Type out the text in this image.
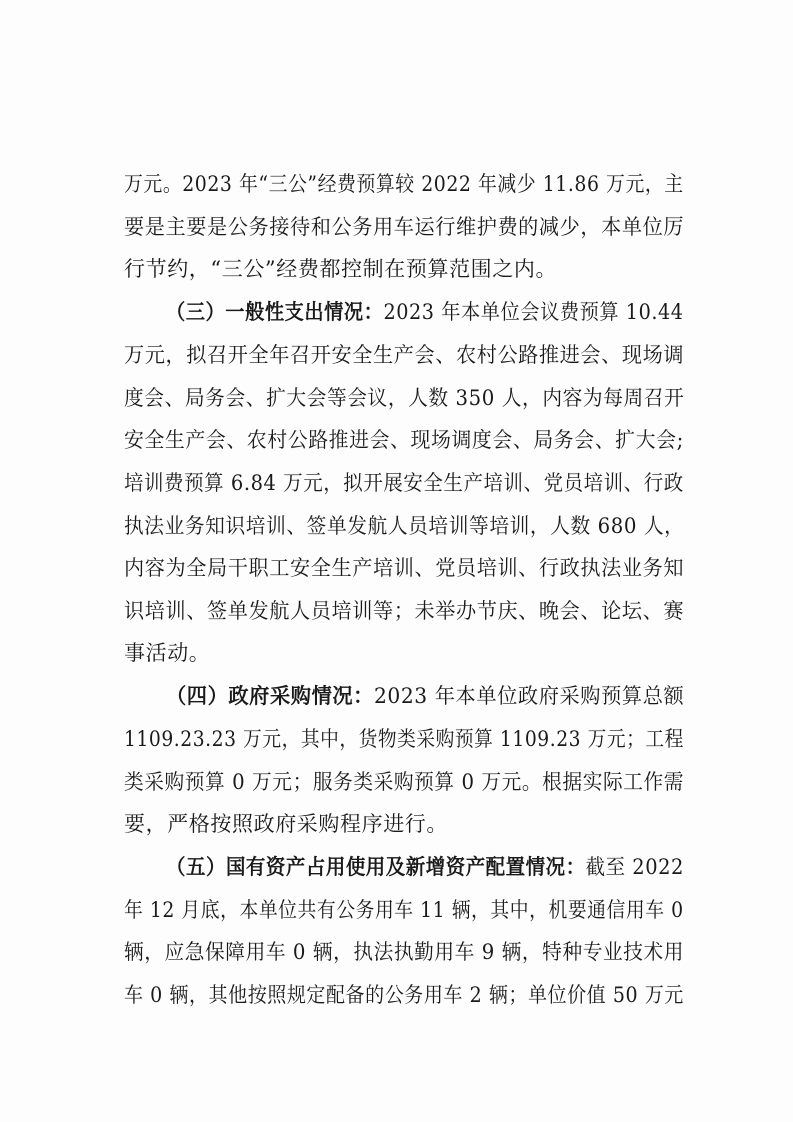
万元。2023 年“三公”经费预算较 2022 年减少 11.86 万元，主
要是主要是公务接待和公务用车运行维护费的减少，本单位厉
行节约，“三公”经费都控制在预算范围之内。
（三）一般性支出情况：2023 年本单位会议费预算 10.44
万元，拟召开全年召开安全生产会、农村公路推进会、现场调
度会、局务会、扩大会等会议，人数 350 人，内容为每周召开
安全生产会、农村公路推进会、现场调度会、局务会、扩大会;
培训费预算 6.84 万元，拟开展安全生产培训、党员培训、行政
执法业务知识培训、签单发航人员培训等培训，人数 680 人，
内容为全局干职工安全生产培训、党员培训、行政执法业务知
识培训、签单发航人员培训等；未举办节庆、晚会、论坛、赛
事活动。
（四）政府采购情况：2023 年本单位政府采购预算总额
1109.23.23 万元，其中，货物类采购预算 1109.23 万元；工程
类采购预算 0 万元；服务类采购预算 0 万元。根据实际工作需
要，严格按照政府采购程序进行。
（五）国有资产占用使用及新增资产配置情况：截至 2022
年 12 月底，本单位共有公务用车 11 辆，其中，机要通信用车 0
辆，应急保障用车 0 辆，执法执勤用车 9 辆，特种专业技术用
车 0 辆，其他按照规定配备的公务用车 2 辆；单位价值 50 万元
